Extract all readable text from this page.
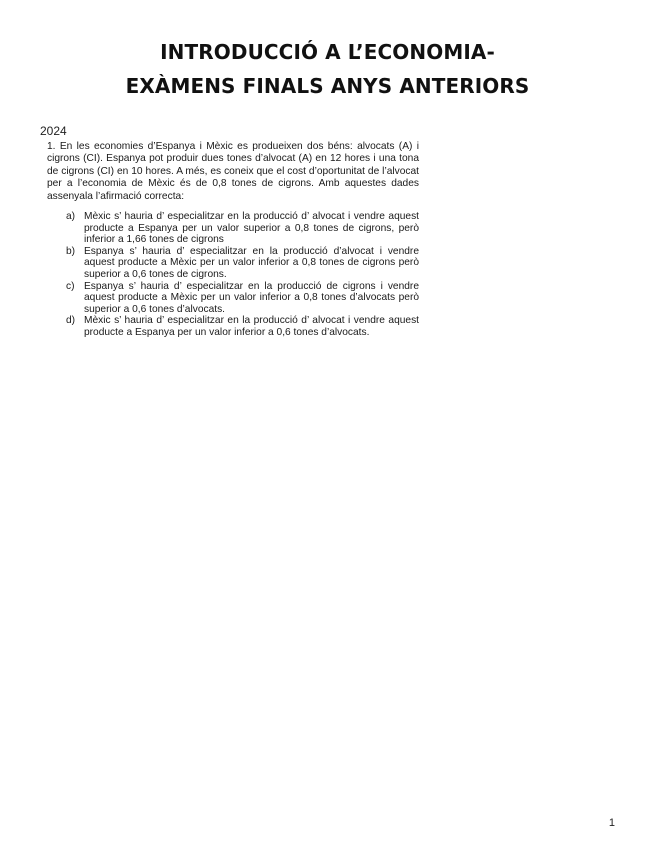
INTRODUCCIÓ A L’ECONOMIA-
EXÀMENS FINALS ANYS ANTERIORS
2024
1. En les economies d’Espanya i Mèxic es produeixen dos béns: alvocats (A) i cigrons (CI). Espanya pot produir dues tones d’alvocat (A) en 12 hores i una tona de cigrons (CI) en 10 hores. A més, es coneix que el cost d’oportunitat de l’alvocat per a l’economia de Mèxic és de 0,8 tones de cigrons. Amb aquestes dades assenyala l’afirmació correcta:
a) Mèxic s’ hauria d’ especialitzar en la producció d’ alvocat i vendre aquest producte a Espanya per un valor superior a 0,8 tones de cigrons, però inferior a 1,66 tones de cigrons
b) Espanya s’ hauria d’ especialitzar en la producció d’alvocat i vendre aquest producte a Mèxic per un valor inferior a 0,8 tones de cigrons però superior a 0,6 tones de cigrons.
c) Espanya s’ hauria d’ especialitzar en la producció de cigrons i vendre aquest producte a Mèxic per un valor inferior a 0,8 tones d’alvocats però superior a 0,6 tones d’alvocats.
d) Mèxic s’ hauria d’ especialitzar en la producció d’ alvocat i vendre aquest producte a Espanya per un valor inferior a 0,6 tones d’alvocats.
1
